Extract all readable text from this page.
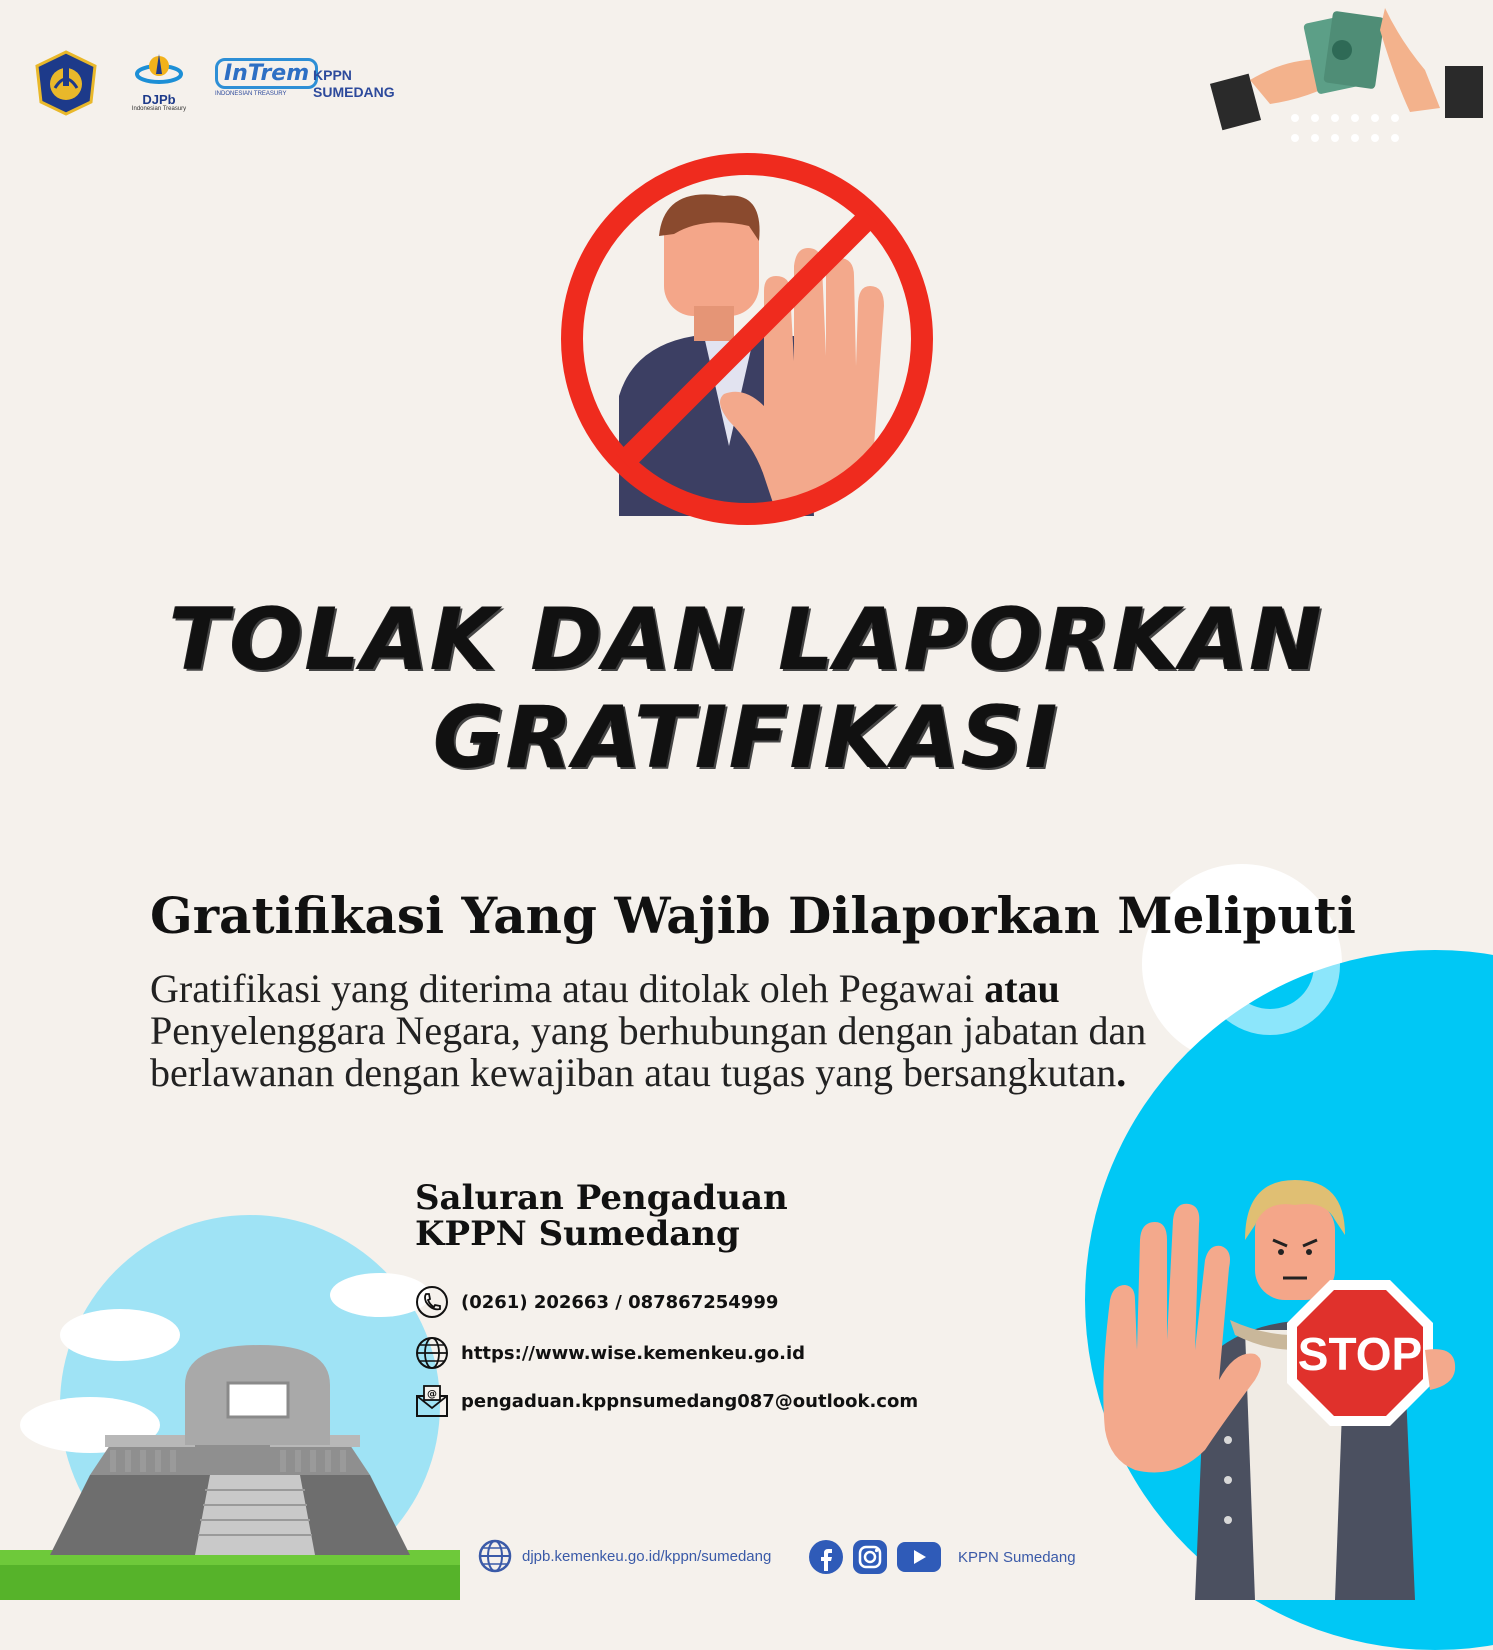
DJPb
Indonesian Treasury
InTrem
INDONESIAN TREASURY
KPPN
SUMEDANG
TOLAK DAN LAPORKAN
GRATIFIKASI
Gratifikasi Yang Wajib Dilaporkan Meliputi
Gratifikasi yang diterima atau ditolak oleh Pegawai atau Penyelenggara Negara, yang berhubungan dengan jabatan dan berlawanan dengan kewajiban atau tugas yang bersangkutan.
Saluran Pengaduan
KPPN Sumedang
(0261) 202663 / 087867254999
https://www.wise.kemenkeu.go.id
@ pengaduan.kppnsumedang087@outlook.com
STOP
djpb.kemenkeu.go.id/kppn/sumedang	KPPN Sumedang
